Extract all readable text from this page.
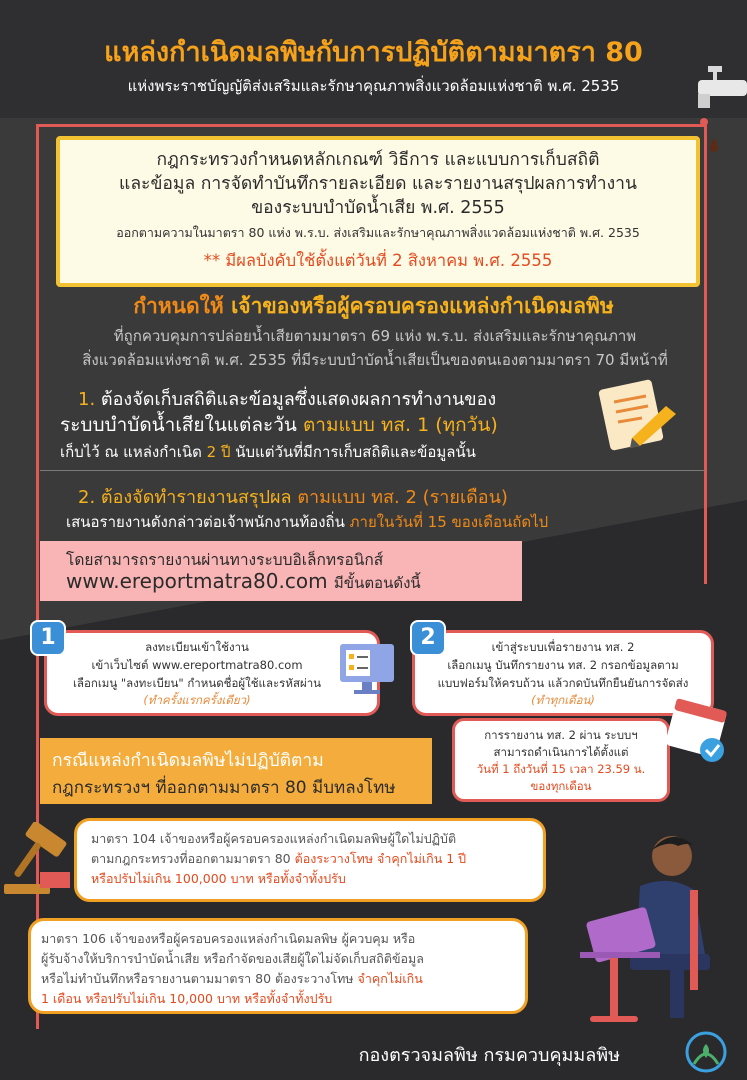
แหล่งกำเนิดมลพิษกับการปฏิบัติตามมาตรา 80
แห่งพระราชบัญญัติส่งเสริมและรักษาคุณภาพสิ่งแวดล้อมแห่งชาติ พ.ศ. 2535
กฎกระทรวงกำหนดหลักเกณฑ์ วิธีการ และแบบการเก็บสถิติ
และข้อมูล การจัดทำบันทึกรายละเอียด และรายงานสรุปผลการทำงาน
ของระบบบำบัดน้ำเสีย พ.ศ. 2555
ออกตามความในมาตรา 80 แห่ง พ.ร.บ. ส่งเสริมและรักษาคุณภาพสิ่งแวดล้อมแห่งชาติ พ.ศ. 2535
** มีผลบังคับใช้ตั้งแต่วันที่ 2 สิงหาคม พ.ศ. 2555
กำหนดให้ เจ้าของหรือผู้ครอบครองแหล่งกำเนิดมลพิษ
ที่ถูกควบคุมการปล่อยน้ำเสียตามมาตรา 69 แห่ง พ.ร.บ. ส่งเสริมและรักษาคุณภาพ
สิ่งแวดล้อมแห่งชาติ พ.ศ. 2535 ที่มีระบบบำบัดน้ำเสียเป็นของตนเองตามมาตรา 70 มีหน้าที่
1. ต้องจัดเก็บสถิติและข้อมูลซึ่งแสดงผลการทำงานของ
ระบบบำบัดน้ำเสียในแต่ละวัน ตามแบบ ทส. 1 (ทุกวัน)
เก็บไว้ ณ แหล่งกำเนิด 2 ปี นับแต่วันที่มีการเก็บสถิติและข้อมูลนั้น
2. ต้องจัดทำรายงานสรุปผล ตามแบบ ทส. 2 (รายเดือน)
เสนอรายงานดังกล่าวต่อเจ้าพนักงานท้องถิ่น ภายในวันที่ 15 ของเดือนถัดไป
โดยสามารถรายงานผ่านทางระบบอิเล็กทรอนิกส์
www.ereportmatra80.com มีขั้นตอนดังนี้
ลงทะเบียนเข้าใช้งาน
เข้าเว็บไซต์ www.ereportmatra80.com
เลือกเมนู "ลงทะเบียน" กำหนดชื่อผู้ใช้และรหัสผ่าน
(ทำครั้งแรกครั้งเดียว)
1	เข้าสู่ระบบเพื่อรายงาน ทส. 2
เลือกเมนู บันทึกรายงาน ทส. 2 กรอกข้อมูลตาม
แบบฟอร์มให้ครบถ้วน แล้วกดบันทึกยืนยันการจัดส่ง
(ทำทุกเดือน)
2
การรายงาน ทส. 2 ผ่าน ระบบฯ
สามารถดำเนินการได้ตั้งแต่
วันที่ 1 ถึงวันที่ 15 เวลา 23.59 น.
ของทุกเดือน
กรณีแหล่งกำเนิดมลพิษไม่ปฏิบัติตาม
กฎกระทรวงฯ ที่ออกตามมาตรา 80 มีบทลงโทษ
มาตรา 104 เจ้าของหรือผู้ครอบครองแหล่งกำเนิดมลพิษผู้ใดไม่ปฏิบัติ
ตามกฎกระทรวงที่ออกตามมาตรา 80 ต้องระวางโทษ จำคุกไม่เกิน 1 ปี
หรือปรับไม่เกิน 100,000 บาท หรือทั้งจำทั้งปรับ
มาตรา 106 เจ้าของหรือผู้ครอบครองแหล่งกำเนิดมลพิษ ผู้ควบคุม หรือ
ผู้รับจ้างให้บริการบำบัดน้ำเสีย หรือกำจัดของเสียผู้ใดไม่จัดเก็บสถิติข้อมูล
หรือไม่ทำบันทึกหรือรายงานตามมาตรา 80 ต้องระวางโทษ จำคุกไม่เกิน
1 เดือน หรือปรับไม่เกิน 10,000 บาท หรือทั้งจำทั้งปรับ
กองตรวจมลพิษ กรมควบคุมมลพิษ
